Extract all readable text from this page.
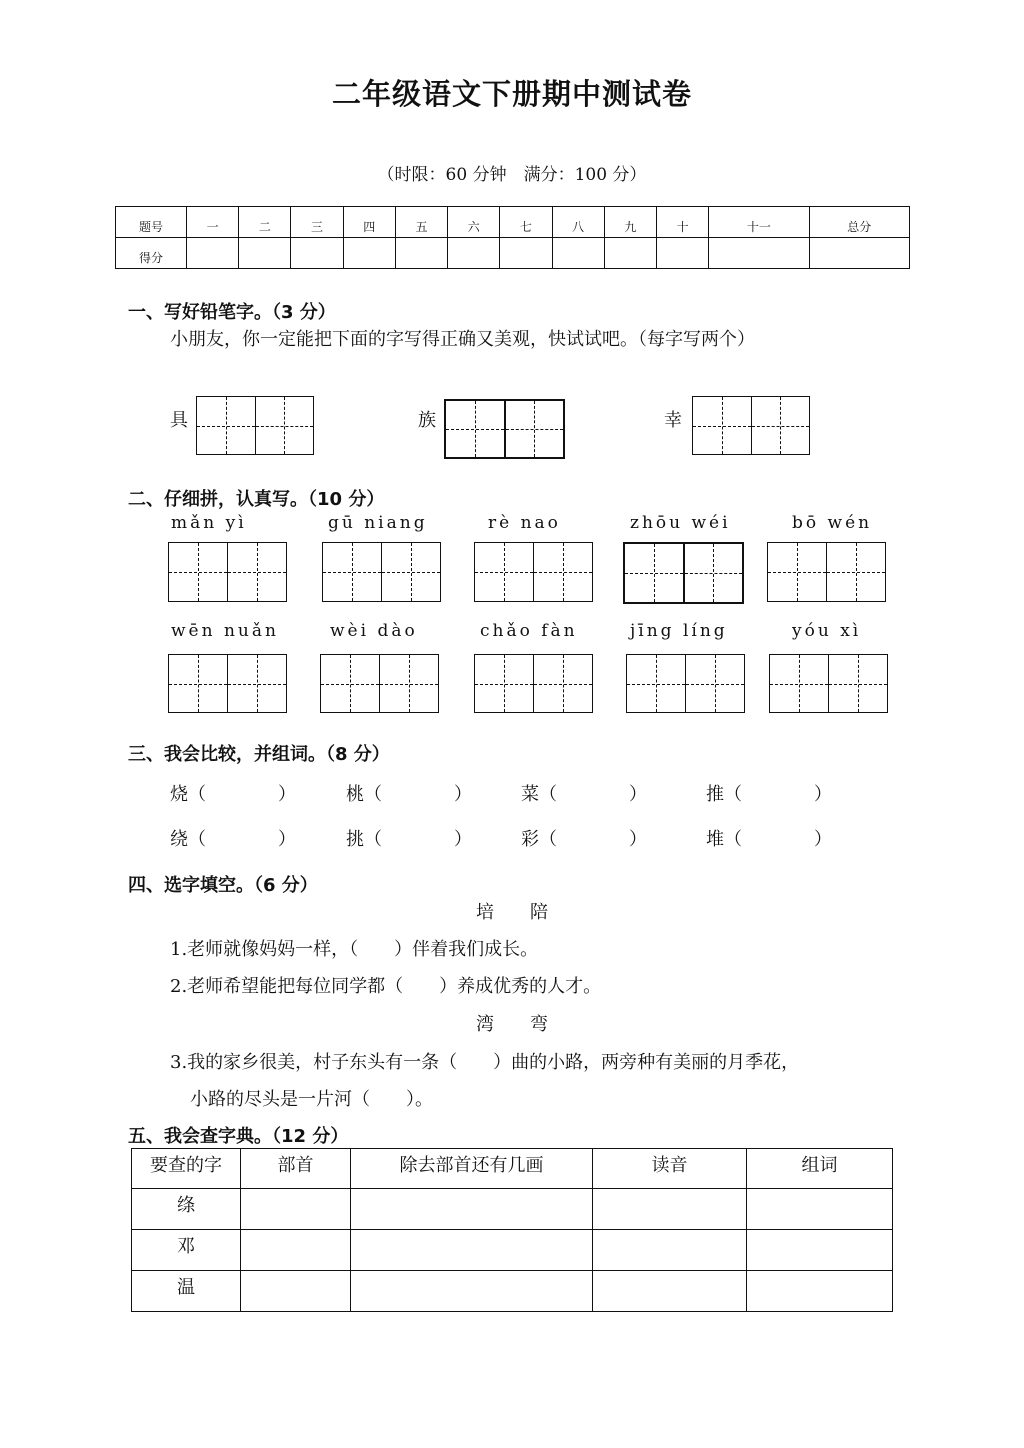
二年级语文下册期中测试卷
（时限：60 分钟　满分：100 分）
题号	一	二	三	四	五	六	七	八	九	十	十一	总分
得分												
一、写好铅笔字。（3 分）
小朋友，你一定能把下面的字写得正确又美观，快试试吧。（每字写两个）
具	族	幸
二、仔细拼，认真写。（10 分）
mǎn yì	gū niang	rè nao	zhōu wéi	bō wén
wēn nuǎn	wèi dào	chǎo fàn	jīng líng	yóu xì
三、我会比较，并组词。（8 分）
烧（　　　　）	桃（　　　　）	菜（　　　　）	推（　　　　）
绕（　　　　）	挑（　　　　）	彩（　　　　）	堆（　　　　）
四、选字填空。（6 分）
培　　陪
1.老师就像妈妈一样，（　　）伴着我们成长。
2.老师希望能把每位同学都（　　）养成优秀的人才。
湾　　弯
3.我的家乡很美，村子东头有一条（　　）曲的小路，两旁种有美丽的月季花，
小路的尽头是一片河（　　）。
五、我会查字典。（12 分）
要查的字	部首	除去部首还有几画	读音	组词
绦				
邓				
温				
